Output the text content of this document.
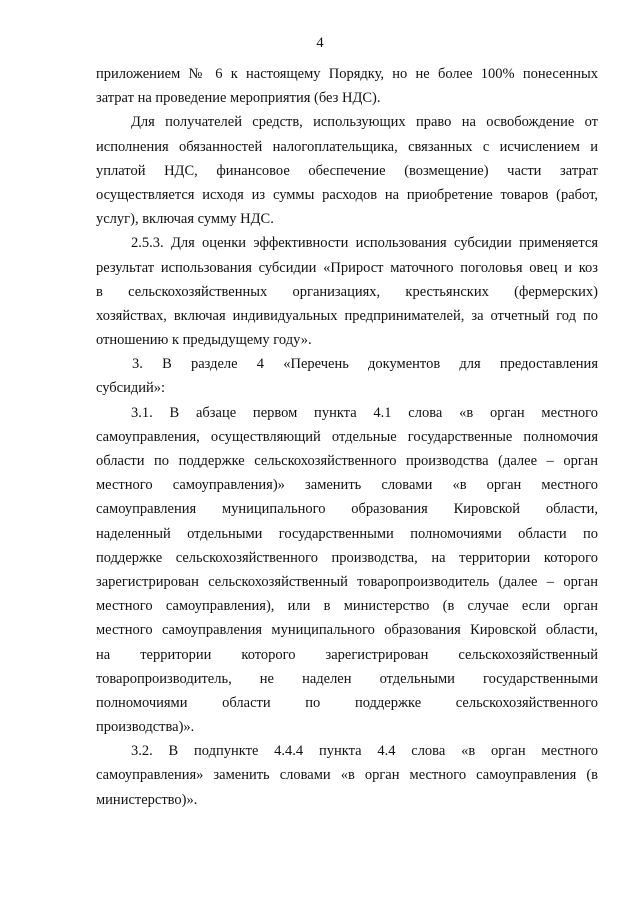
4
приложением № 6 к настоящему Порядку, но не более 100% понесенных
затрат на проведение мероприятия (без НДС).
Для получателей средств, использующих право на освобождение от
исполнения обязанностей налогоплательщика, связанных с исчислением и
уплатой НДС, финансовое обеспечение (возмещение) части затрат
осуществляется исходя из суммы расходов на приобретение товаров (работ,
услуг), включая сумму НДС.
2.5.3. Для оценки эффективности использования субсидии применяется
результат использования субсидии «Прирост маточного поголовья овец и коз
в сельскохозяйственных организациях, крестьянских (фермерских)
хозяйствах, включая индивидуальных предпринимателей, за отчетный год по
отношению к предыдущему году».
3. В разделе 4 «Перечень документов для предоставления
субсидий»:
3.1. В абзаце первом пункта 4.1 слова «в орган местного
самоуправления, осуществляющий отдельные государственные полномочия
области по поддержке сельскохозяйственного производства (далее – орган
местного самоуправления)» заменить словами «в орган местного
самоуправления муниципального образования Кировской области,
наделенный отдельными государственными полномочиями области по
поддержке сельскохозяйственного производства, на территории которого
зарегистрирован сельскохозяйственный товаропроизводитель (далее – орган
местного самоуправления), или в министерство (в случае если орган
местного самоуправления муниципального образования Кировской области,
на территории которого зарегистрирован сельскохозяйственный
товаропроизводитель, не наделен отдельными государственными
полномочиями области по поддержке сельскохозяйственного
производства)».
3.2. В подпункте 4.4.4 пункта 4.4 слова «в орган местного
самоуправления» заменить словами «в орган местного самоуправления (в
министерство)».
